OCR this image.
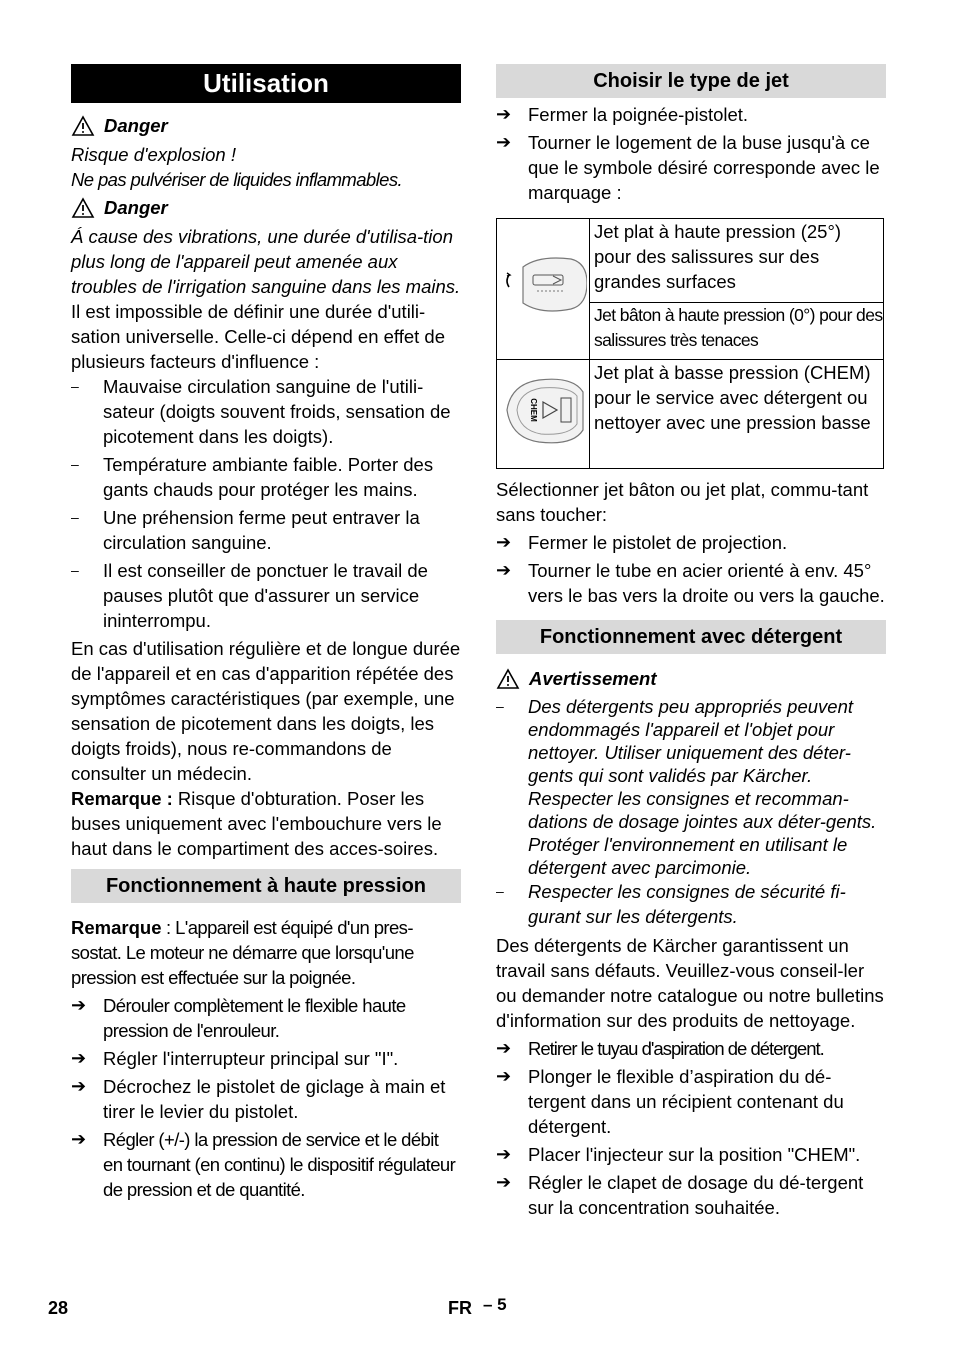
Utilisation
Danger

Risque d'explosion !

Ne pas pulvériser de liquides inflammables.

Danger

Á cause des vibrations, une durée d'utilisa-tion plus long de l'appareil peut amenée aux troubles de l'irrigation sanguine dans les mains.

Il est impossible de définir une durée d'utili-sation universelle. Celle-ci dépend en effet de plusieurs facteurs d'influence :

–	Mauvaise circulation sanguine de l'utili-sateur (doigts souvent froids, sensation de picotement dans les doigts).
–	Température ambiante faible. Porter des gants chauds pour protéger les mains.
–	Une préhension ferme peut entraver la circulation sanguine.
–	Il est conseiller de ponctuer le travail de pauses plutôt que d'assurer un service ininterrompu.

En cas d'utilisation régulière et de longue durée de l'appareil et en cas d'apparition répétée des symptômes caractéristiques (par exemple, une sensation de picotement dans les doigts, les doigts froids), nous re-commandons de consulter un médecin.

Remarque : Risque d'obturation. Poser les buses uniquement avec l'embouchure vers le haut dans le compartiment des acces-soires.

Fonctionnement à haute pression

Remarque : L'appareil est équipé d'un pres-sostat. Le moteur ne démarre que lorsqu'une pression est effectuée sur la poignée.

➔ Dérouler complètement le flexible haute pression de l'enrouleur.
➔ Régler l'interrupteur principal sur "I".
➔ Décrochez le pistolet de giclage à main et tirer le levier du pistolet.
➔ Régler (+/-) la pression de service et le débit en tournant (en continu) le dispositif régulateur de pression et de quantité.
Choisir le type de jet
➔ Fermer la poignée-pistolet.
➔ Tourner le logement de la buse jusqu'à ce que le symbole désiré corresponde avec le marquage :
	Jet plat à haute pression (25°) pour des salissures sur des grandes surfaces
	Jet bâton à haute pression (0°) pour des salissures très tenaces

CHEM	Jet plat à basse pression (CHEM) pour le service avec détergent ou nettoyer avec une pression basse

Sélectionner jet bâton ou jet plat, commu-tant sans toucher:

➔ Fermer le pistolet de projection.
➔ Tourner le tube en acier orienté à env. 45° vers le bas vers la droite ou vers la gauche.
Fonctionnement avec détergent
Avertissement
–	Des détergents peu appropriés peuvent endommagés l'appareil et l'objet pour nettoyer. Utiliser uniquement des déter-gents qui sont validés par Kärcher. Respecter les consignes et recomman-dations de dosage jointes aux déter-gents. Protéger l'environnement en utilisant le détergent avec parcimonie.
–	Respecter les consignes de sécurité fi-gurant sur les détergents.

Des détergents de Kärcher garantissent un travail sans défauts. Veuillez-vous conseil-ler ou demander notre catalogue ou notre bulletins d'information sur des produits de nettoyage.

➔ Retirer le tuyau d'aspiration de détergent.
➔ Plonger le flexible d’aspiration du dé-tergent dans un récipient contenant du détergent.
➔ Placer l'injecteur sur la position "CHEM".
➔ Régler le clapet de dosage du dé-tergent sur la concentration souhaitée.
28	FR – 5
